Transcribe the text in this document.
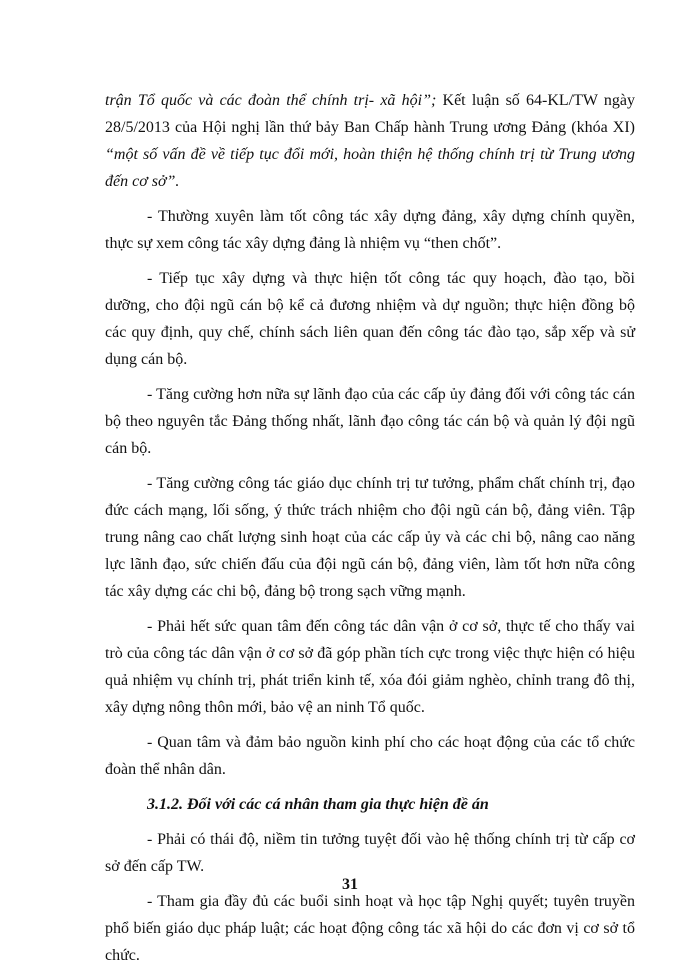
trận Tổ quốc và các đoàn thể chính trị- xã hội”; Kết luận số 64-KL/TW ngày 28/5/2013 của Hội nghị lần thứ bảy Ban Chấp hành Trung ương Đảng (khóa XI) “một số vấn đề về tiếp tục đổi mới, hoàn thiện hệ thống chính trị từ Trung ương đến cơ sở”.

- Thường xuyên làm tốt công tác xây dựng đảng, xây dựng chính quyền, thực sự xem công tác xây dựng đảng là nhiệm vụ “then chốt”.

- Tiếp tục xây dựng và thực hiện tốt công tác quy hoạch, đào tạo, bồi dưỡng, cho đội ngũ cán bộ kể cả đương nhiệm và dự nguồn; thực hiện đồng bộ các quy định, quy chế, chính sách liên quan đến công tác đào tạo, sắp xếp và sử dụng cán bộ.

- Tăng cường hơn nữa sự lãnh đạo của các cấp ủy đảng đối với công tác cán bộ theo nguyên tắc Đảng thống nhất, lãnh đạo công tác cán bộ và quản lý đội ngũ cán bộ.

- Tăng cường công tác giáo dục chính trị tư tưởng, phẩm chất chính trị, đạo đức cách mạng, lối sống, ý thức trách nhiệm cho đội ngũ cán bộ, đảng viên. Tập trung nâng cao chất lượng sinh hoạt của các cấp ủy và các chi bộ, nâng cao năng lực lãnh đạo, sức chiến đấu của đội ngũ cán bộ, đảng viên, làm tốt hơn nữa công tác xây dựng các chi bộ, đảng bộ trong sạch vững mạnh.

- Phải hết sức quan tâm đến công tác dân vận ở cơ sở, thực tế cho thấy vai trò của công tác dân vận ở cơ sở đã góp phần tích cực trong việc thực hiện có hiệu quả nhiệm vụ chính trị, phát triển kinh tế, xóa đói giảm nghèo, chỉnh trang đô thị, xây dựng nông thôn mới, bảo vệ an ninh Tổ quốc.

- Quan tâm và đảm bảo nguồn kinh phí cho các hoạt động của các tổ chức đoàn thể nhân dân.

3.1.2. Đối với các cá nhân tham gia thực hiện đề án

- Phải có thái độ, niềm tin tưởng tuyệt đối vào hệ thống chính trị từ cấp cơ sở đến cấp TW.

- Tham gia đầy đủ các buổi sinh hoạt và học tập Nghị quyết; tuyên truyền phổ biến giáo dục pháp luật; các hoạt động công tác xã hội do các đơn vị cơ sở tổ chức.

31
